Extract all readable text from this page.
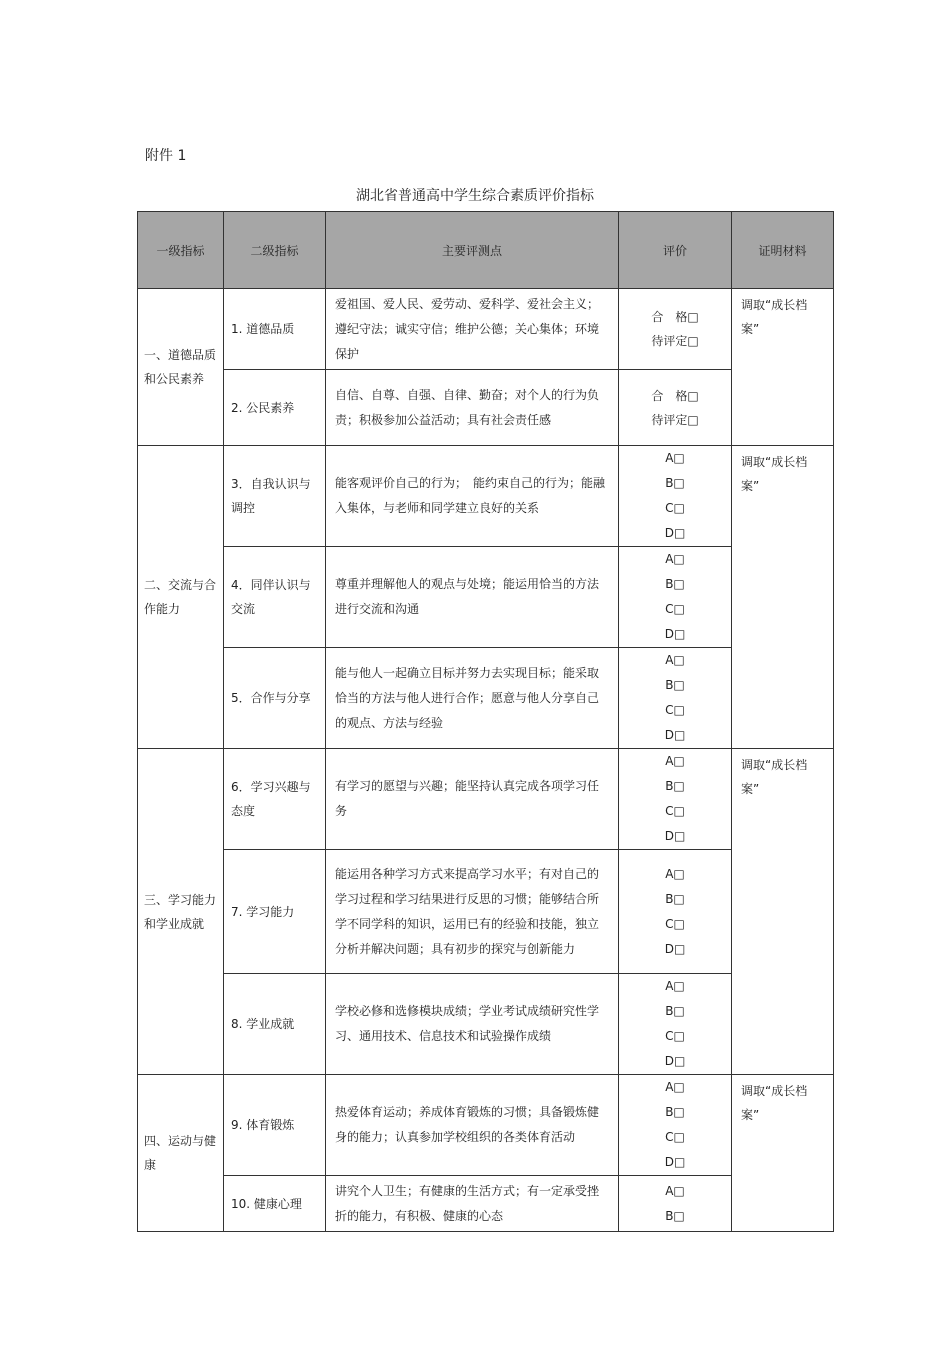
附件 1
湖北省普通高中学生综合素质评价指标
一级指标	二级指标	主要评测点	评价	证明材料
一、道德品质和公民素养	1. 道德品质	爱祖国、爱人民、爱劳动、爱科学、爱社会主义；遵纪守法；诚实守信；维护公德；关心集体；环境保护	合　格□
待评定□	调取“成长档案”
	2. 公民素养	自信、自尊、自强、自律、勤奋；对个人的行为负责；积极参加公益活动；具有社会责任感	合　格□
待评定□	

二、交流与合作能力	3．自我认识与调控	能客观评价自己的行为；　能约束自己的行为；能融入集体，与老师和同学建立良好的关系	A□
B□
C□
D□	调取“成长档案”
	4．同伴认识与交流	尊重并理解他人的观点与处境；能运用恰当的方法进行交流和沟通	A□
B□
C□
D□	

	5．合作与分享	能与他人一起确立目标并努力去实现目标；能采取恰当的方法与他人进行合作；愿意与他人分享自己的观点、方法与经验	A□
B□
C□
D□	

三、学习能力和学业成就	6．学习兴趣与态度	有学习的愿望与兴趣；能坚持认真完成各项学习任务	A□
B□
C□
D□	调取“成长档案”
	7. 学习能力	能运用各种学习方式来提高学习水平；有对自己的学习过程和学习结果进行反思的习惯；能够结合所学不同学科的知识，运用已有的经验和技能，独立分析并解决问题；具有初步的探究与创新能力	A□
B□
C□
D□	

	8. 学业成就	学校必修和选修模块成绩；学业考试成绩研究性学习、通用技术、信息技术和试验操作成绩	A□
B□
C□
D□	

四、运动与健康	9. 体育锻炼	热爱体育运动；养成体育锻炼的习惯；具备锻炼健身的能力；认真参加学校组织的各类体育活动	A□
B□
C□
D□	调取“成长档案”
	10. 健康心理	讲究个人卫生；有健康的生活方式；有一定承受挫折的能力，有积极、健康的心态	A□
B□	
